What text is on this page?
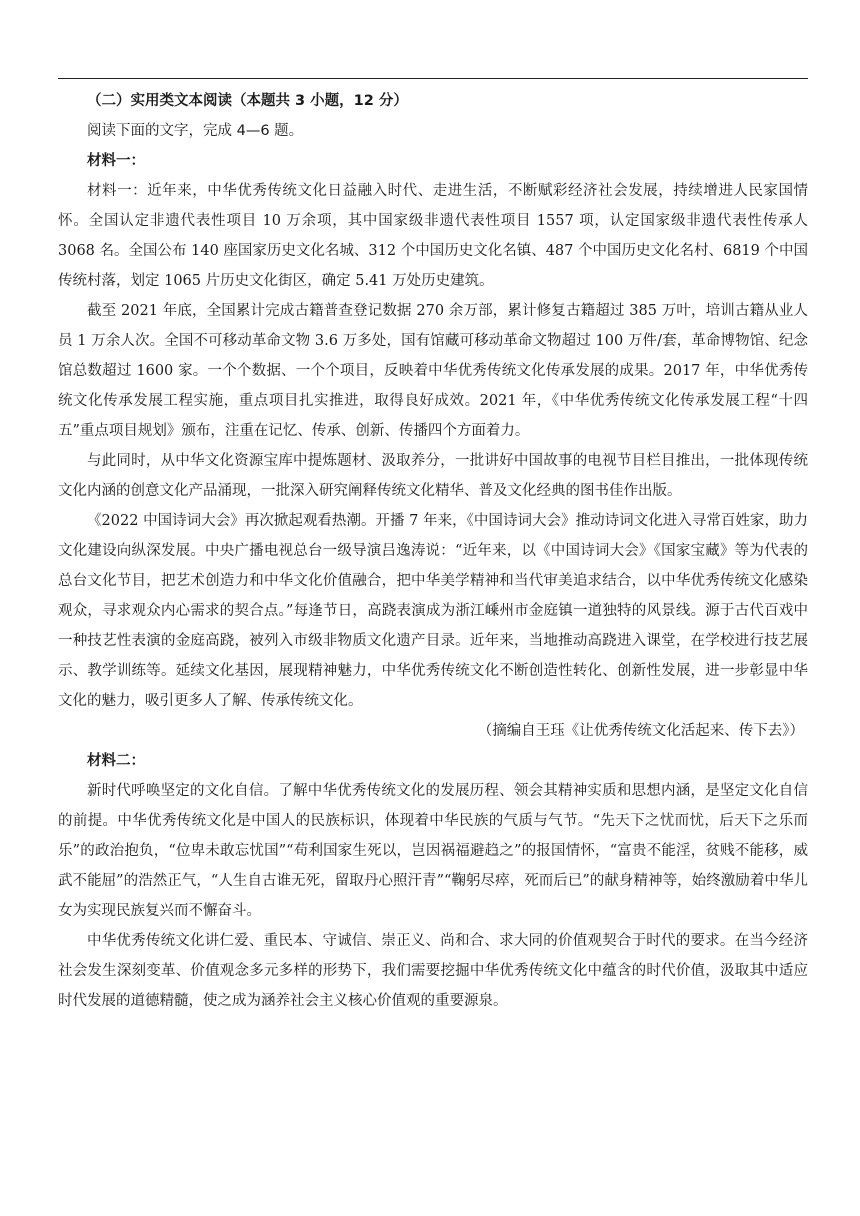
（二）实用类文本阅读（本题共 3 小题，12 分）

阅读下面的文字，完成 4—6 题。

材料一：

材料一：近年来，中华优秀传统文化日益融入时代、走进生活，不断赋彩经济社会发展，持续增进人民家国情怀。全国认定非遗代表性项目 10 万余项，其中国家级非遗代表性项目 1557 项，认定国家级非遗代表性传承人 3068 名。全国公布 140 座国家历史文化名城、312 个中国历史文化名镇、487 个中国历史文化名村、6819 个中国传统村落，划定 1065 片历史文化街区，确定 5.41 万处历史建筑。

截至 2021 年底，全国累计完成古籍普查登记数据 270 余万部，累计修复古籍超过 385 万叶，培训古籍从业人员 1 万余人次。全国不可移动革命文物 3.6 万多处，国有馆藏可移动革命文物超过 100 万件/套，革命博物馆、纪念馆总数超过 1600 家。一个个数据、一个个项目，反映着中华优秀传统文化传承发展的成果。2017 年，中华优秀传统文化传承发展工程实施，重点项目扎实推进，取得良好成效。2021 年，《中华优秀传统文化传承发展工程“十四五”重点项目规划》颁布，注重在记忆、传承、创新、传播四个方面着力。

与此同时，从中华文化资源宝库中提炼题材、汲取养分，一批讲好中国故事的电视节目栏目推出，一批体现传统文化内涵的创意文化产品涌现，一批深入研究阐释传统文化精华、普及文化经典的图书佳作出版。

《2022 中国诗词大会》再次掀起观看热潮。开播 7 年来，《中国诗词大会》推动诗词文化进入寻常百姓家，助力文化建设向纵深发展。中央广播电视总台一级导演吕逸涛说：“近年来，以《中国诗词大会》《国家宝藏》等为代表的总台文化节目，把艺术创造力和中华文化价值融合，把中华美学精神和当代审美追求结合，以中华优秀传统文化感染观众，寻求观众内心需求的契合点。”每逢节日，高跷表演成为浙江嵊州市金庭镇一道独特的风景线。源于古代百戏中一种技艺性表演的金庭高跷，被列入市级非物质文化遗产目录。近年来，当地推动高跷进入课堂，在学校进行技艺展示、教学训练等。延续文化基因，展现精神魅力，中华优秀传统文化不断创造性转化、创新性发展，进一步彰显中华文化的魅力，吸引更多人了解、传承传统文化。

（摘编自王珏《让优秀传统文化活起来、传下去》）

材料二：

新时代呼唤坚定的文化自信。了解中华优秀传统文化的发展历程、领会其精神实质和思想内涵，是坚定文化自信的前提。中华优秀传统文化是中国人的民族标识，体现着中华民族的气质与气节。“先天下之忧而忧，后天下之乐而乐”的政治抱负，“位卑未敢忘忧国”“苟利国家生死以，岂因祸福避趋之”的报国情怀，“富贵不能淫，贫贱不能移，威武不能屈”的浩然正气，“人生自古谁无死，留取丹心照汗青”“鞠躬尽瘁，死而后已”的献身精神等，始终激励着中华儿女为实现民族复兴而不懈奋斗。

中华优秀传统文化讲仁爱、重民本、守诚信、崇正义、尚和合、求大同的价值观契合于时代的要求。在当今经济社会发生深刻变革、价值观念多元多样的形势下，我们需要挖掘中华优秀传统文化中蕴含的时代价值，汲取其中适应时代发展的道德精髓，使之成为涵养社会主义核心价值观的重要源泉。
